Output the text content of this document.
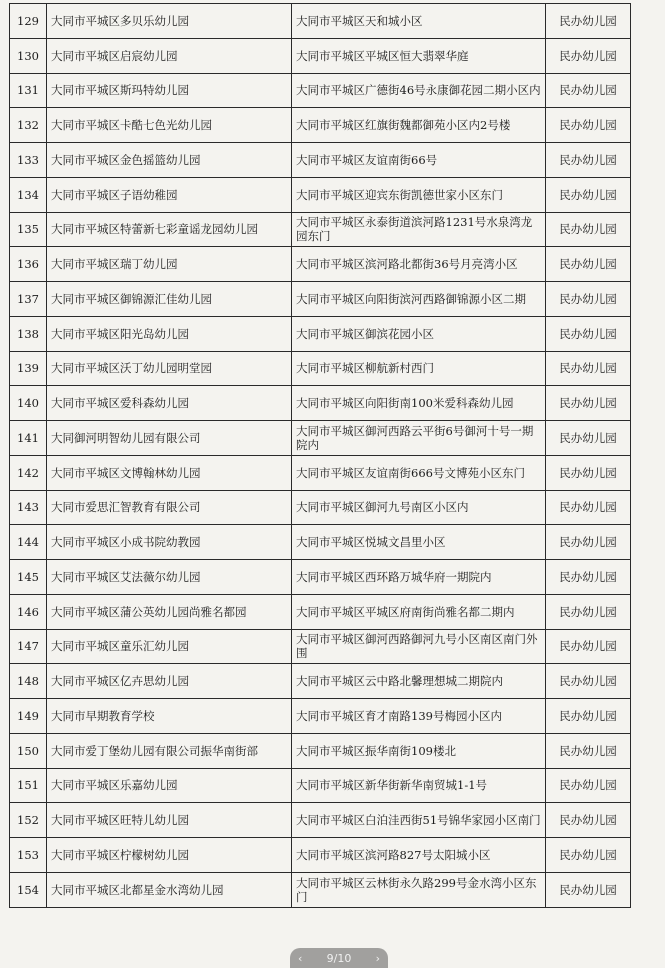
129	大同市平城区多贝乐幼儿园	大同市平城区天和城小区	民办幼儿园
130	大同市平城区启宸幼儿园	大同市平城区平城区恒大翡翠华庭	民办幼儿园
131	大同市平城区斯玛特幼儿园	大同市平城区广德街46号永康御花园二期小区内	民办幼儿园
132	大同市平城区卡酷七色光幼儿园	大同市平城区红旗街魏都御苑小区内2号楼	民办幼儿园
133	大同市平城区金色摇篮幼儿园	大同市平城区友谊南街66号	民办幼儿园
134	大同市平城区子语幼稚园	大同市平城区迎宾东街凯德世家小区东门	民办幼儿园
135	大同市平城区特蕾新七彩童谣龙园幼儿园	大同市平城区永泰街道滨河路1231号水泉湾龙园东门	民办幼儿园
136	大同市平城区瑞丁幼儿园	大同市平城区滨河路北都街36号月亮湾小区	民办幼儿园
137	大同市平城区御锦源汇佳幼儿园	大同市平城区向阳街滨河西路御锦源小区二期	民办幼儿园
138	大同市平城区阳光岛幼儿园	大同市平城区御滨花园小区	民办幼儿园
139	大同市平城区沃丁幼儿园明堂园	大同市平城区柳航新村西门	民办幼儿园
140	大同市平城区爱科森幼儿园	大同市平城区向阳街南100米爱科森幼儿园	民办幼儿园
141	大同御河明智幼儿园有限公司	大同市平城区御河西路云平街6号御河十号一期院内	民办幼儿园
142	大同市平城区文博翰林幼儿园	大同市平城区友谊南街666号文博苑小区东门	民办幼儿园
143	大同市爱思汇智教育有限公司	大同市平城区御河九号南区小区内	民办幼儿园
144	大同市平城区小成书院幼教园	大同市平城区悦城文昌里小区	民办幼儿园
145	大同市平城区艾法薇尔幼儿园	大同市平城区西环路万城华府一期院内	民办幼儿园
146	大同市平城区蒲公英幼儿园尚雅名都园	大同市平城区平城区府南街尚雅名都二期内	民办幼儿园
147	大同市平城区童乐汇幼儿园	大同市平城区御河西路御河九号小区南区南门外围	民办幼儿园
148	大同市平城区亿卉思幼儿园	大同市平城区云中路北馨理想城二期院内	民办幼儿园
149	大同市早期教育学校	大同市平城区育才南路139号梅园小区内	民办幼儿园
150	大同市爱丁堡幼儿园有限公司振华南街部	大同市平城区振华南街109楼北	民办幼儿园
151	大同市平城区乐嘉幼儿园	大同市平城区新华街新华南贸城1-1号	民办幼儿园
152	大同市平城区旺特儿幼儿园	大同市平城区白泊洼西街51号锦华家园小区南门	民办幼儿园
153	大同市平城区柠檬树幼儿园	大同市平城区滨河路827号太阳城小区	民办幼儿园
154	大同市平城区北都星金水湾幼儿园	大同市平城区云林街永久路299号金水湾小区东门	民办幼儿园
‹ 9/10 ›
